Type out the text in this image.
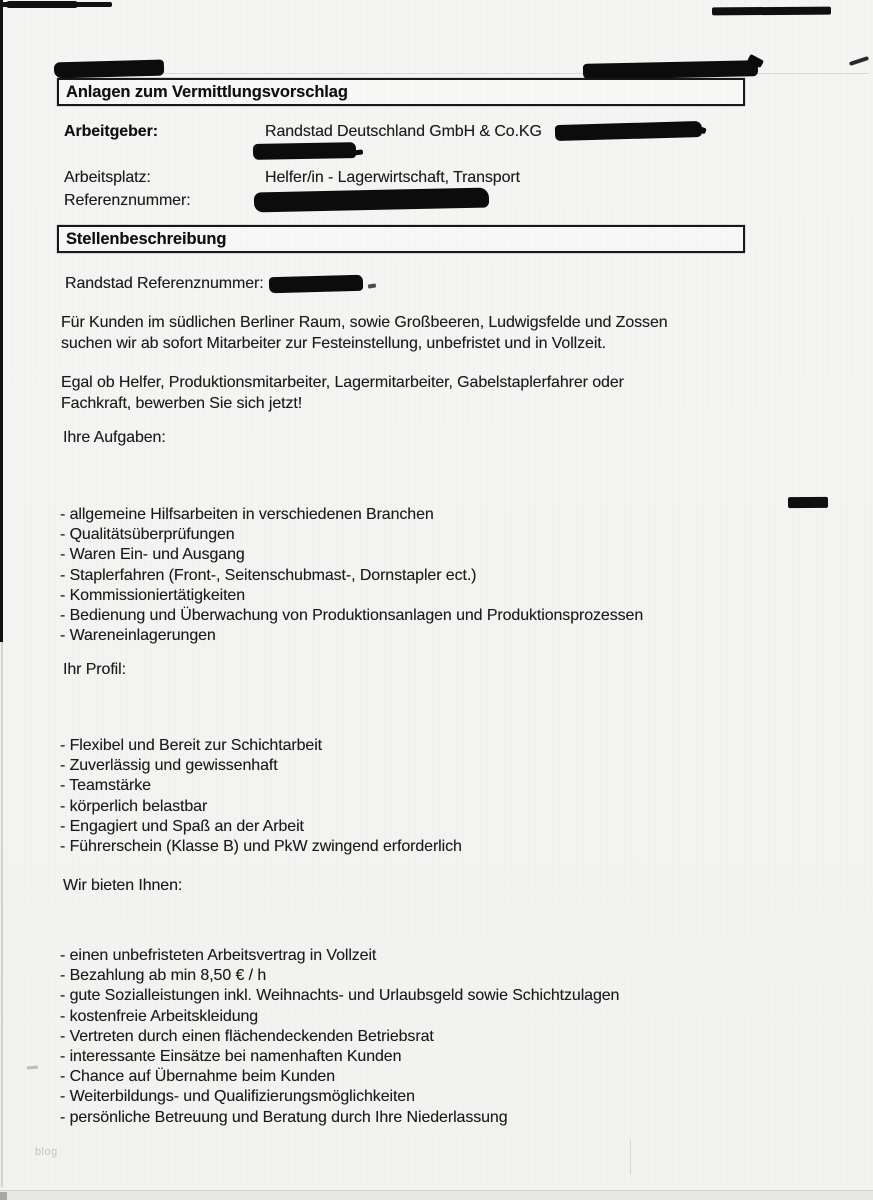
Anlagen zum Vermittlungsvorschlag
Arbeitgeber:	Randstad Deutschland GmbH & Co.KG
Arbeitsplatz:	Helfer/in - Lagerwirtschaft, Transport
Referenznummer:
Stellenbeschreibung
Randstad Referenznummer:
Für Kunden im südlichen Berliner Raum, sowie Großbeeren, Ludwigsfelde und Zossen
suchen wir ab sofort Mitarbeiter zur Festeinstellung, unbefristet und in Vollzeit.
Egal ob Helfer, Produktionsmitarbeiter, Lagermitarbeiter, Gabelstaplerfahrer oder
Fachkraft, bewerben Sie sich jetzt!
Ihre Aufgaben:
- allgemeine Hilfsarbeiten in verschiedenen Branchen
- Qualitätsüberprüfungen
- Waren Ein- und Ausgang
- Staplerfahren (Front-, Seitenschubmast-, Dornstapler ect.)
- Kommissioniertätigkeiten
- Bedienung und Überwachung von Produktionsanlagen und Produktionsprozessen
- Wareneinlagerungen
Ihr Profil:
- Flexibel und Bereit zur Schichtarbeit
- Zuverlässig und gewissenhaft
- Teamstärke
- körperlich belastbar
- Engagiert und Spaß an der Arbeit
- Führerschein (Klasse B) und PkW zwingend erforderlich
Wir bieten Ihnen:
- einen unbefristeten Arbeitsvertrag in Vollzeit
- Bezahlung ab min 8,50 € / h
- gute Sozialleistungen inkl. Weihnachts- und Urlaubsgeld sowie Schichtzulagen
- kostenfreie Arbeitskleidung
- Vertreten durch einen flächendeckenden Betriebsrat
- interessante Einsätze bei namenhaften Kunden
- Chance auf Übernahme beim Kunden
- Weiterbildungs- und Qualifizierungsmöglichkeiten
- persönliche Betreuung und Beratung durch Ihre Niederlassung
blog
